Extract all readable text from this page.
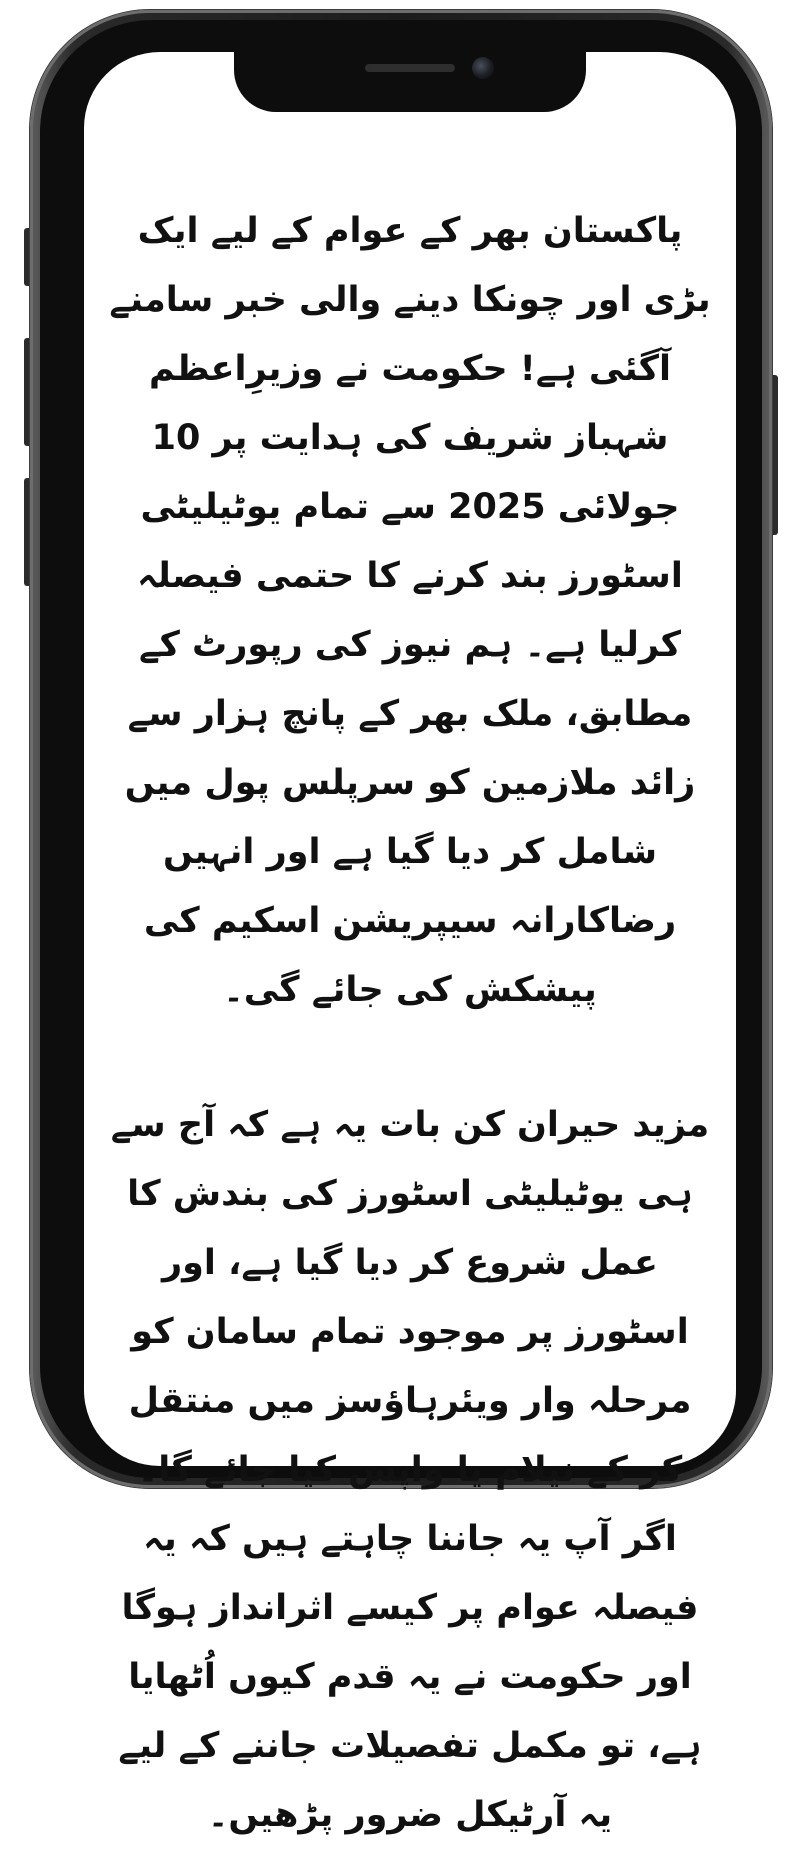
پاکستان بھر کے عوام کے لیے ایک بڑی اور چونکا دینے والی خبر سامنے آگئی ہے! حکومت نے وزیرِاعظم شہباز شریف کی ہدایت پر 10 جولائی 2025 سے تمام یوٹیلیٹی اسٹورز بند کرنے کا حتمی فیصلہ کرلیا ہے۔ ہم نیوز کی رپورٹ کے مطابق، ملک بھر کے پانچ ہزار سے زائد ملازمین کو سرپلس پول میں شامل کر دیا گیا ہے اور انہیں رضاکارانہ سیپریشن اسکیم کی پیشکش کی جائے گی۔

مزید حیران کن بات یہ ہے کہ آج سے ہی یوٹیلیٹی اسٹورز کی بندش کا عمل شروع کر دیا گیا ہے، اور اسٹورز پر موجود تمام سامان کو مرحلہ وار ویئرہاؤسز میں منتقل کر کے نیلام یا واپس کیا جائے گا۔ اگر آپ یہ جاننا چاہتے ہیں کہ یہ فیصلہ عوام پر کیسے اثرانداز ہوگا اور حکومت نے یہ قدم کیوں اُٹھایا ہے، تو مکمل تفصیلات جاننے کے لیے یہ آرٹیکل ضرور پڑھیں۔
